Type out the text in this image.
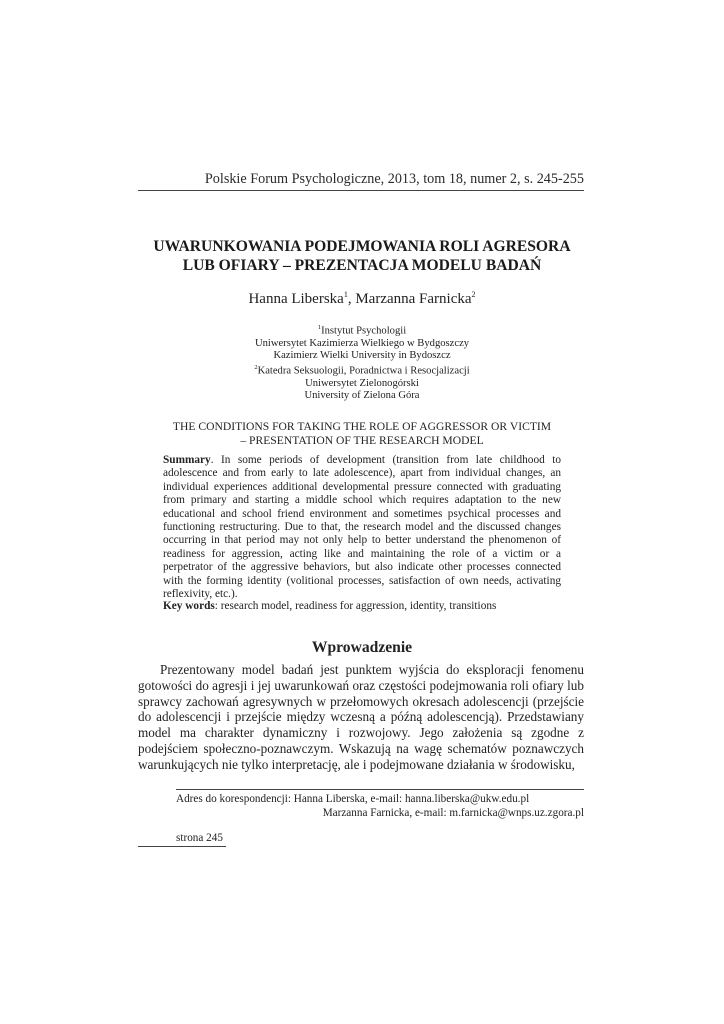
Polskie Forum Psychologiczne, 2013, tom 18, numer 2, s. 245-255
UWARUNKOWANIA PODEJMOWANIA ROLI AGRESORA
LUB OFIARY – PREZENTACJA MODELU BADAŃ
Hanna Liberska$^1$, Marzanna Farnicka$^2$
$^1$Instytut Psychologii
Uniwersytet Kazimierza Wielkiego w Bydgoszczy
Kazimierz Wielki University in Bydoszcz
$^2$Katedra Seksuologii, Poradnictwa i Resocjalizacji
Uniwersytet Zielonogórski
University of Zielona Góra
THE CONDITIONS FOR TAKING THE ROLE OF AGGRESSOR OR VICTIM
– PRESENTATION OF THE RESEARCH MODEL
Summary. In some periods of development (transition from late childhood to adolescence and from early to late adolescence), apart from individual changes, an individual experiences additional developmental pressure connected with graduating from primary and starting a middle school which requires adaptation to the new educational and school friend environment and sometimes psychical processes and functioning restructuring. Due to that, the research model and the discussed changes occurring in that period may not only help to better understand the phenomenon of readiness for aggression, acting like and maintaining the role of a victim or a perpetrator of the aggressive behaviors, but also indicate other processes connected with the forming identity (volitional processes, satisfaction of own needs, activating reflexivity, etc.).
Key words: research model, readiness for aggression, identity, transitions
Wprowadzenie
Prezentowany model badań jest punktem wyjścia do eksploracji fenomenu gotowości do agresji i jej uwarunkowań oraz częstości podejmowania roli ofiary lub sprawcy zachowań agresywnych w przełomowych okresach adolescencji (przejście do adolescencji i przejście między wczesną a późną adolescencją). Przedstawiany model ma charakter dynamiczny i rozwojowy. Jego założenia są zgodne z podejściem społeczno-poznawczym. Wskazują na wagę schematów poznawczych warunkujących nie tylko interpretację, ale i podejmowane działania w środowisku,
Adres do korespondencji: Hanna Liberska, e-mail: hanna.liberska@ukw.edu.pl
Marzanna Farnicka, e-mail: m.farnicka@wnps.uz.zgora.pl
strona 245
